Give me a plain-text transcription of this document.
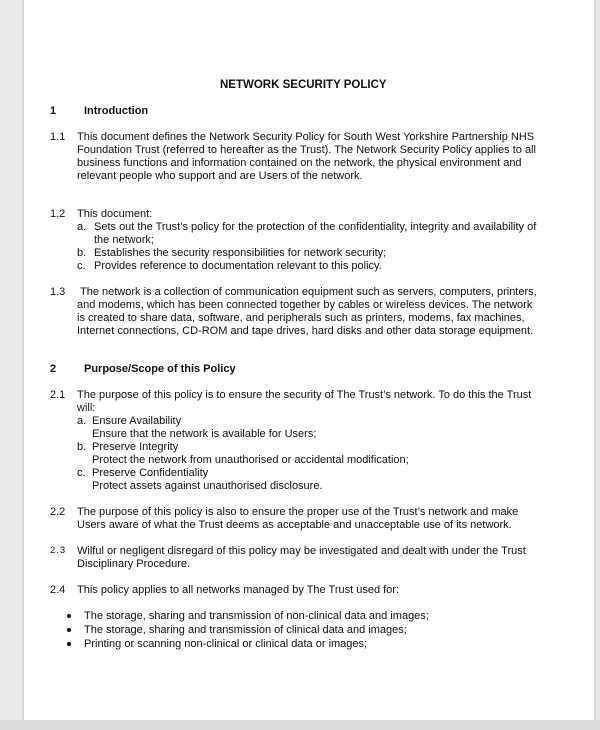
NETWORK SECURITY POLICY
1	Introduction
1.1 This document defines the Network Security Policy for South West Yorkshire Partnership NHS
Foundation Trust (referred to hereafter as the Trust). The Network Security Policy applies to all
business functions and information contained on the network, the physical environment and
relevant people who support and are Users of the network.
1.2 This document:
a. Sets out the Trust’s policy for the protection of the confidentiality, integrity and availability of
the network;
b. Establishes the security responsibilities for network security;
c. Provides reference to documentation relevant to this policy.
1.3 The network is a collection of communication equipment such as servers, computers, printers,
and modems, which has been connected together by cables or wireless devices. The network
is created to share data, software, and peripherals such as printers, modems, fax machines,
Internet connections, CD-ROM and tape drives, hard disks and other data storage equipment.
2	Purpose/Scope of this Policy
2.1 The purpose of this policy is to ensure the security of The Trust’s network. To do this the Trust
will:
a. Ensure Availability
Ensure that the network is available for Users;
b. Preserve Integrity
Protect the network from unauthorised or accidental modification;
c. Preserve Confidentiality
Protect assets against unauthorised disclosure.
2.2 The purpose of this policy is also to ensure the proper use of the Trust’s network and make
Users aware of what the Trust deems as acceptable and unacceptable use of its network.
2.3 Wilful or negligent disregard of this policy may be investigated and dealt with under the Trust
Disciplinary Procedure.
2.4 This policy applies to all networks managed by The Trust used for:
The storage, sharing and transmission of non-clinical data and images;
The storage, sharing and transmission of clinical data and images;
Printing or scanning non-clinical or clinical data or images;
